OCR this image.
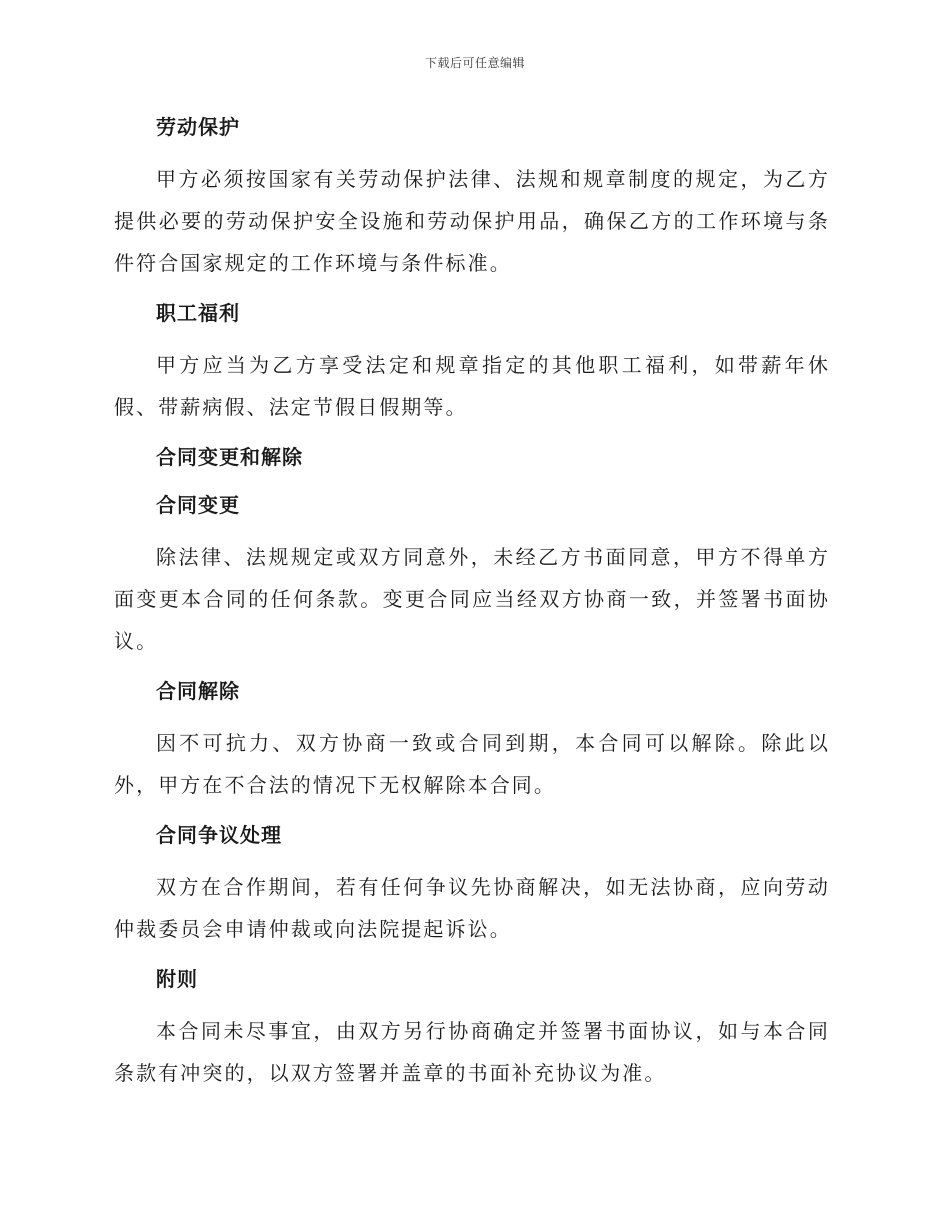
下载后可任意编辑
劳动保护
甲方必须按国家有关劳动保护法律、法规和规章制度的规定，为乙方提供必要的劳动保护安全设施和劳动保护用品，确保乙方的工作环境与条件符合国家规定的工作环境与条件标准。
职工福利
甲方应当为乙方享受法定和规章指定的其他职工福利，如带薪年休假、带薪病假、法定节假日假期等。
合同变更和解除
合同变更
除法律、法规规定或双方同意外，未经乙方书面同意，甲方不得单方面变更本合同的任何条款。变更合同应当经双方协商一致，并签署书面协议。
合同解除
因不可抗力、双方协商一致或合同到期，本合同可以解除。除此以外，甲方在不合法的情况下无权解除本合同。
合同争议处理
双方在合作期间，若有任何争议先协商解决，如无法协商，应向劳动仲裁委员会申请仲裁或向法院提起诉讼。
附则
本合同未尽事宜，由双方另行协商确定并签署书面协议，如与本合同条款有冲突的，以双方签署并盖章的书面补充协议为准。
